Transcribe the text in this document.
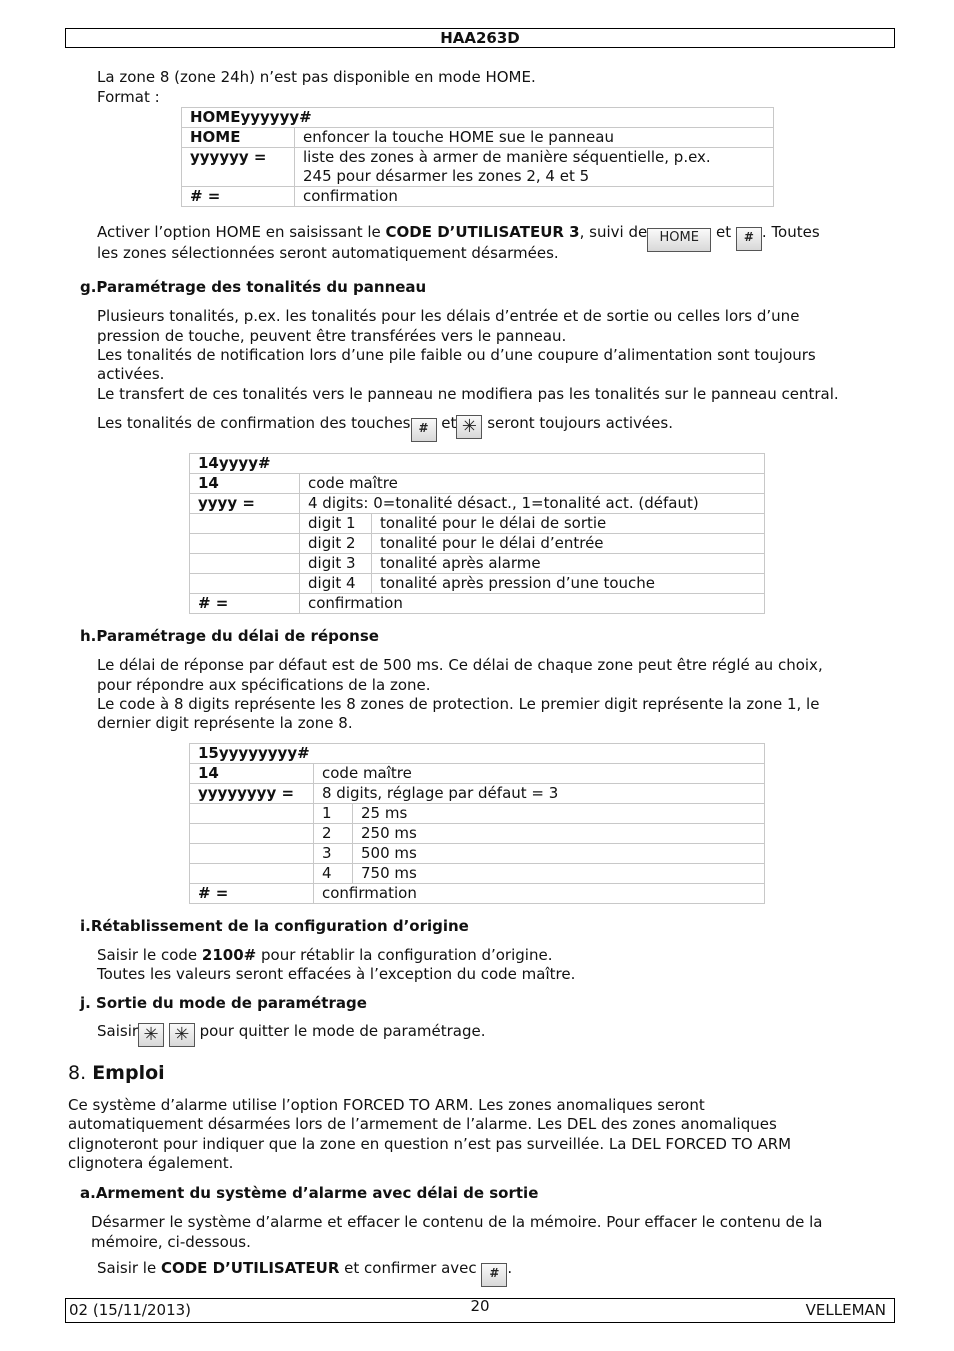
HAA263D

La zone 8 (zone 24h) n’est pas disponible en mode HOME.

Format :

HOMEyyyyyy#	
HOME	enfoncer la touche HOME sue le panneau
yyyyyy =	liste des zones à armer de manière séquentielle, p.ex.
245 pour désarmer les zones 2, 4 et 5

# =	confirmation

Activer l’option HOME en saisissant le CODE D’UTILISATEUR 3, suivi de HOME et # . Toutes

les zones sélectionnées seront automatiquement désarmées.

g.Paramétrage des tonalités du panneau

Plusieurs tonalités, p.ex. les tonalités pour les délais d’entrée et de sortie ou celles lors d’une

pression de touche, peuvent être transférées vers le panneau.

Les tonalités de notification lors d’une pile faible ou d’une coupure d’alimentation sont toujours

activées.

Le transfert de ces tonalités vers le panneau ne modifiera pas les tonalités sur le panneau central.

Les tonalités de confirmation des touches # et ✳ seront toujours activées.

14yyyy#		
14	code maître	
yyyy =	4 digits: 0=tonalité désact., 1=tonalité act. (défaut)	
	digit 1	tonalité pour le délai de sortie
	digit 2	tonalité pour le délai d’entrée
	digit 3	tonalité après alarme
	digit 4	tonalité après pression d’une touche
# =	confirmation	

h.Paramétrage du délai de réponse

Le délai de réponse par défaut est de 500 ms. Ce délai de chaque zone peut être réglé au choix,

pour répondre aux spécifications de la zone.

Le code à 8 digits représente les 8 zones de protection. Le premier digit représente la zone 1, le

dernier digit représente la zone 8.

15yyyyyyyy#		
14	code maître	
yyyyyyyy =	8 digits, réglage par défaut = 3	
	1	25 ms
	2	250 ms
	3	500 ms
	4	750 ms
# =	confirmation	

i.Rétablissement de la configuration d’origine

Saisir le code 2100# pour rétablir la configuration d’origine.

Toutes les valeurs seront effacées à l’exception du code maître.

j. Sortie du mode de paramétrage

Saisir ✳ ✳ pour quitter le mode de paramétrage.

8. Emploi

Ce système d’alarme utilise l’option FORCED TO ARM. Les zones anomaliques seront

automatiquement désarmées lors de l’armement de l’alarme. Les DEL des zones anomaliques

clignoteront pour indiquer que la zone en question n’est pas surveillée. La DEL FORCED TO ARM

clignotera également.

a.Armement du système d’alarme avec délai de sortie

Désarmer le système d’alarme et effacer le contenu de la mémoire. Pour effacer le contenu de la

mémoire, ci-dessous.

Saisir le CODE D’UTILISATEUR et confirmer avec # .

02 (15/11/2013)	20	VELLEMAN
